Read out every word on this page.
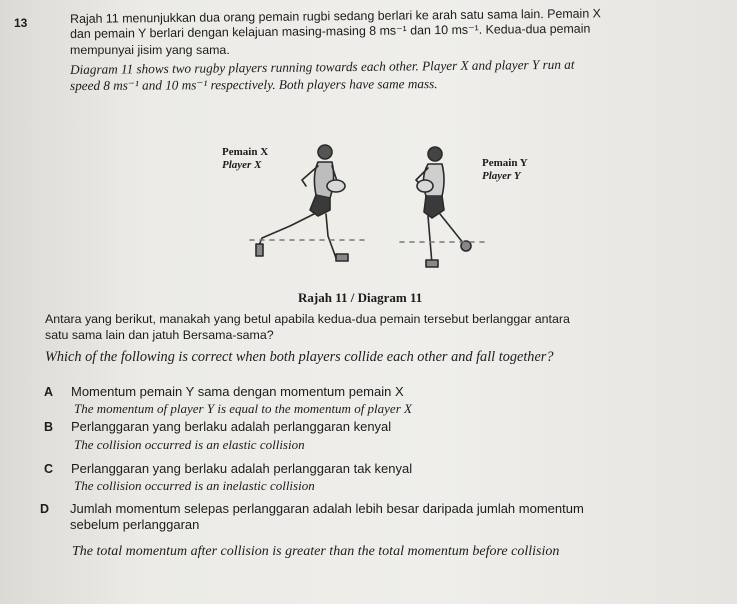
13	Rajah 11 menunjukkan dua orang pemain rugbi sedang berlari ke arah satu sama lain. Pemain X
dan pemain Y berlari dengan kelajuan masing-masing 8 ms⁻¹ dan 10 ms⁻¹. Kedua-dua pemain
mempunyai jisim yang sama.
Diagram 11 shows two rugby players running towards each other. Player X and player Y run at
speed 8 ms⁻¹ and 10 ms⁻¹ respectively. Both players have same mass.
Pemain X
Player X	Pemain Y
Player Y
Rajah 11 / Diagram 11
Antara yang berikut, manakah yang betul apabila kedua-dua pemain tersebut berlanggar antara
satu sama lain dan jatuh Bersama-sama?
Which of the following is correct when both players collide each other and fall together?
A Momentum pemain Y sama dengan momentum pemain X
The momentum of player Y is equal to the momentum of player X
B Perlanggaran yang berlaku adalah perlanggaran kenyal
The collision occurred is an elastic collision
C Perlanggaran yang berlaku adalah perlanggaran tak kenyal
The collision occurred is an inelastic collision
D Jumlah momentum selepas perlanggaran adalah lebih besar daripada jumlah momentum
sebelum perlanggaran
The total momentum after collision is greater than the total momentum before collision
